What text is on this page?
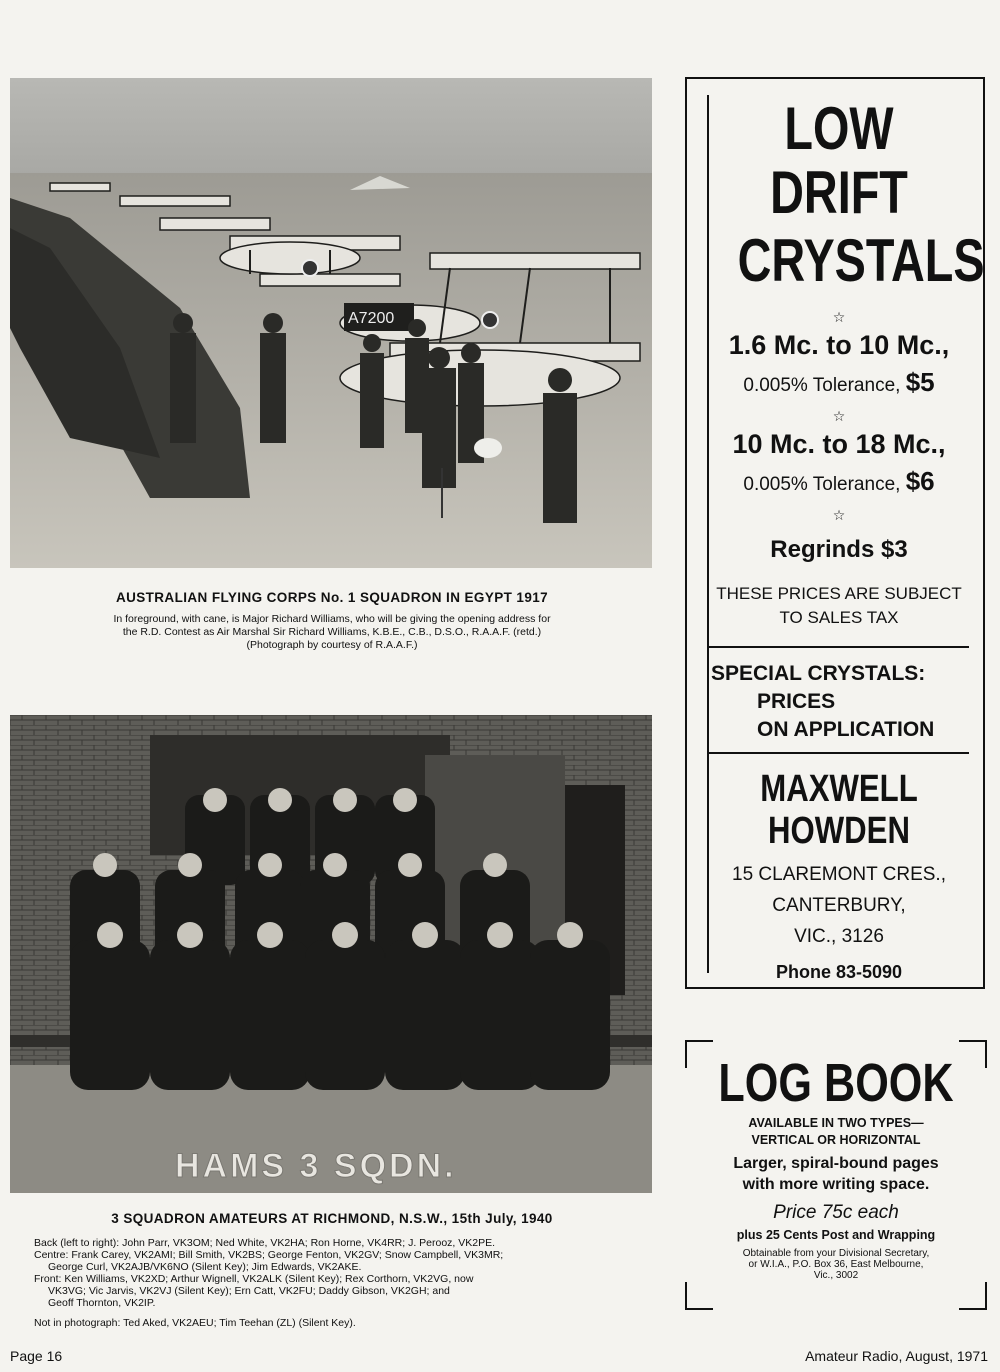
A7200
AUSTRALIAN FLYING CORPS No. 1 SQUADRON IN EGYPT 1917
In foreground, with cane, is Major Richard Williams, who will be giving the opening address for
the R.D. Contest as Air Marshal Sir Richard Williams, K.B.E., C.B., D.S.O., R.A.A.F. (retd.)
(Photograph by courtesy of R.A.A.F.)
HAMS 3 SQDN.
3 SQUADRON AMATEURS AT RICHMOND, N.S.W., 15th July, 1940

Back (left to right): John Parr, VK3OM; Ned White, VK2HA; Ron Horne, VK4RR; J. Perooz, VK2PE.

Centre: Frank Carey, VK2AMI; Bill Smith, VK2BS; George Fenton, VK2GV; Snow Campbell, VK3MR;

George Curl, VK2AJB/VK6NO (Silent Key); Jim Edwards, VK2AKE.

Front: Ken Williams, VK2XD; Arthur Wignell, VK2ALK (Silent Key); Rex Corthorn, VK2VG, now

VK3VG; Vic Jarvis, VK2VJ (Silent Key); Ern Catt, VK2FU; Daddy Gibson, VK2GH; and

Geoff Thornton, VK2IP.

Not in photograph: Ted Aked, VK2AEU; Tim Teehan (ZL) (Silent Key).

LOW DRIFT
CRYSTALS
☆
1.6 Mc. to 10 Mc.,
0.005% Tolerance, $5
☆
10 Mc. to 18 Mc.,
0.005% Tolerance, $6
☆
Regrinds $3
THESE PRICES ARE SUBJECT
TO SALES TAX
SPECIAL CRYSTALS:
PRICES
ON APPLICATION
MAXWELL HOWDEN
15 CLAREMONT CRES.,
CANTERBURY,
VIC., 3126
Phone 83-5090
LOG BOOK
AVAILABLE IN TWO TYPES—
VERTICAL OR HORIZONTAL
Larger, spiral-bound pages
with more writing space.
Price 75c each
plus 25 Cents Post and Wrapping
Obtainable from your Divisional Secretary,
or W.I.A., P.O. Box 36, East Melbourne,
Vic., 3002
Page 16	Amateur Radio, August, 1971
